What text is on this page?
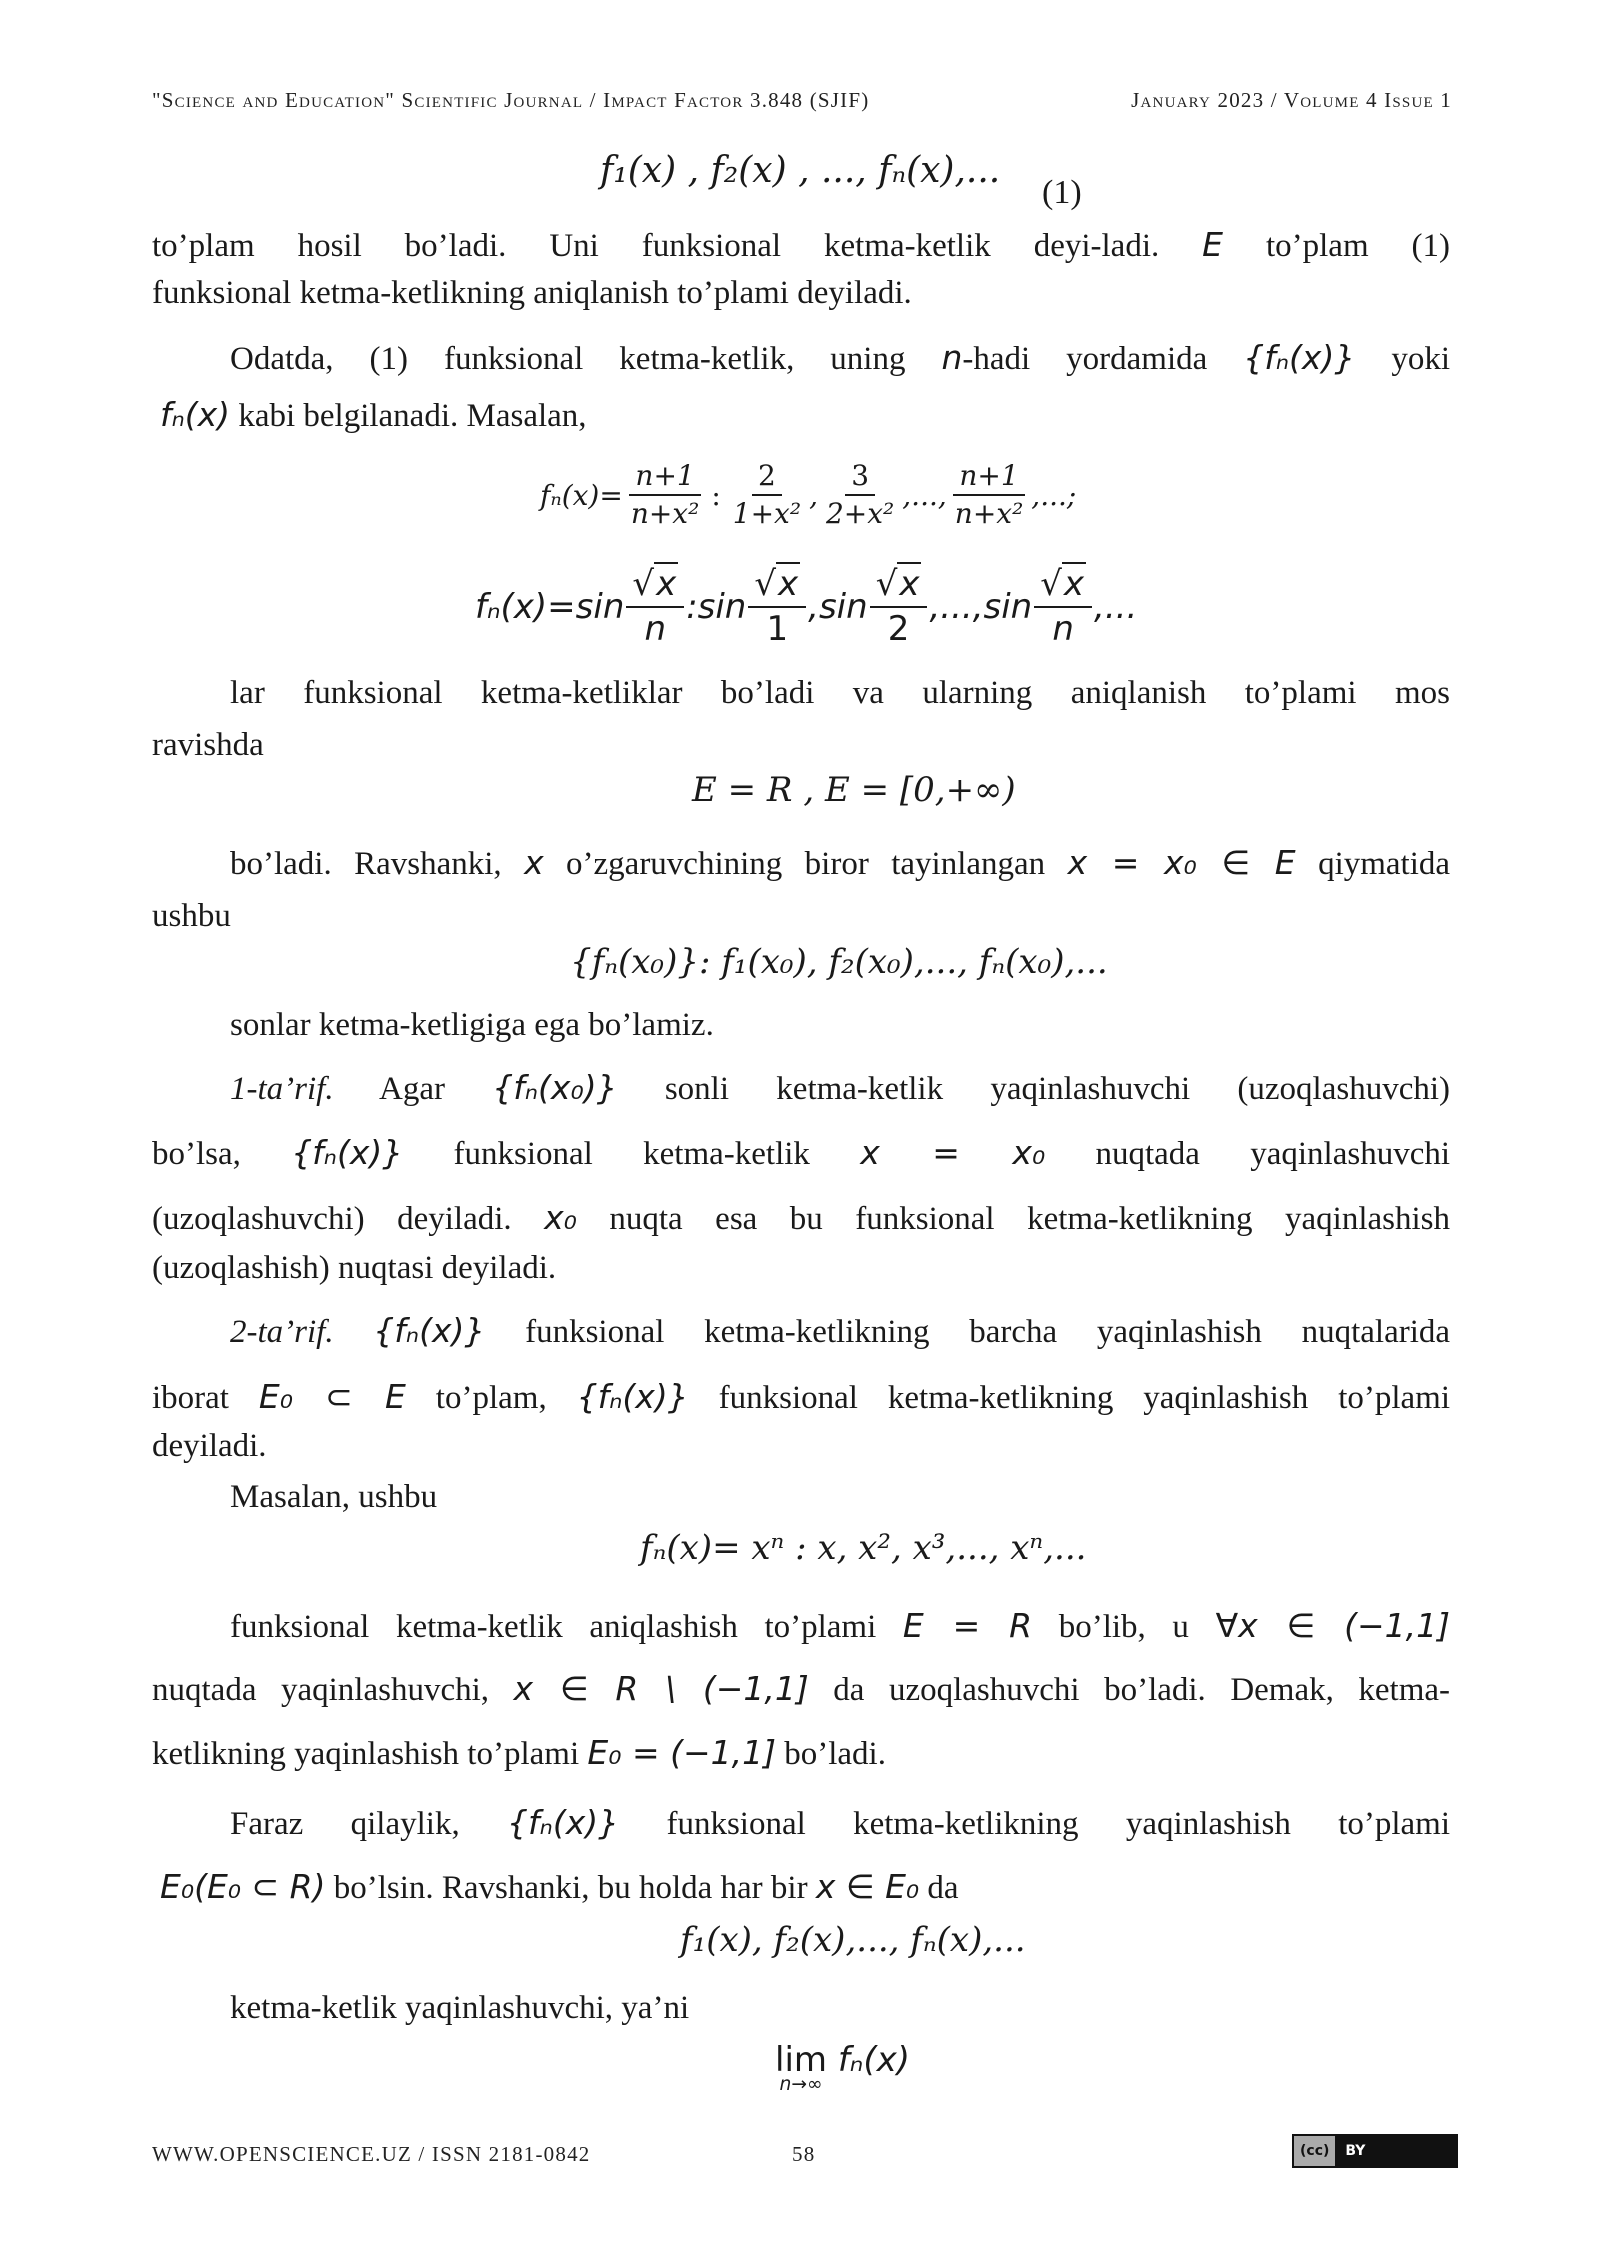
"Science and Education" Scientific Journal / Impact Factor 3.848 (SJIF)	January 2023 / Volume 4 Issue 1
f₁(x) , f₂(x) , ..., fₙ(x),...
(1)
to’plam hosil bo’ladi. Uni funksional ketma-ketlik deyi-ladi. E to’plam (1)
funksional ketma-ketlikning aniqlanish to’plami deyiladi.
Odatda, (1) funksional ketma-ketlik, uning n-hadi yordamida {fₙ(x)} yoki
fₙ(x) kabi belgilanadi. Masalan,
$f_n(x)= \frac{n+1}{\text{n+x²}}$ : $\frac{2}{\text{1+x²}}$ , $\frac{3}{\text{2+x²}}$ ,..., $\frac{n+1}{\text{n+x²}}$ ,...;
$f_n(x)=\sin \frac{√x}{n}$ :sin $\frac{√x}{1} ,\sin \frac{√x}{2} ,...,\sin \frac{√x}{n}$ ,...
lar funksional ketma-ketliklar bo’ladi va ularning aniqlanish to’plami mos
ravishda
E = R , E = [0,+∞)
bo’ladi. Ravshanki, x o’zgaruvchining biror tayinlangan x = x₀ ∈ E qiymatida
ushbu
{fₙ(x₀)}: f₁(x₀), f₂(x₀),..., fₙ(x₀),...
sonlar ketma-ketligiga ega bo’lamiz.
1-ta’rif. Agar {fₙ(x₀)} sonli ketma-ketlik yaqinlashuvchi (uzoqlashuvchi)
bo’lsa, {fₙ(x)} funksional ketma-ketlik x = x₀ nuqtada yaqinlashuvchi
(uzoqlashuvchi) deyiladi. x₀ nuqta esa bu funksional ketma-ketlikning yaqinlashish
(uzoqlashish) nuqtasi deyiladi.
2-ta’rif. {fₙ(x)} funksional ketma-ketlikning barcha yaqinlashish nuqtalarida
iborat E₀ ⊂ E to’plam, {fₙ(x)} funksional ketma-ketlikning yaqinlashish to’plami
deyiladi.
Masalan, ushbu
fₙ(x)= xⁿ : x, x², x³,..., xⁿ,...
funksional ketma-ketlik aniqlashish to’plami E = R bo’lib, u ∀x ∈ (−1,1]
nuqtada yaqinlashuvchi, x ∈ R \ (−1,1] da uzoqlashuvchi bo’ladi. Demak, ketma-
ketlikning yaqinlashish to’plami E₀ = (−1,1] bo’ladi.
Faraz qilaylik, {fₙ(x)} funksional ketma-ketlikning yaqinlashish to’plami
E₀(E₀ ⊂ R) bo’lsin. Ravshanki, bu holda har bir x ∈ E₀ da
f₁(x), f₂(x),..., fₙ(x),...
ketma-ketlik yaqinlashuvchi, ya’ni
lim
n→∞
fₙ(x)
WWW.OPENSCIENCE.UZ / ISSN 2181-0842	58	(cc)	BY
